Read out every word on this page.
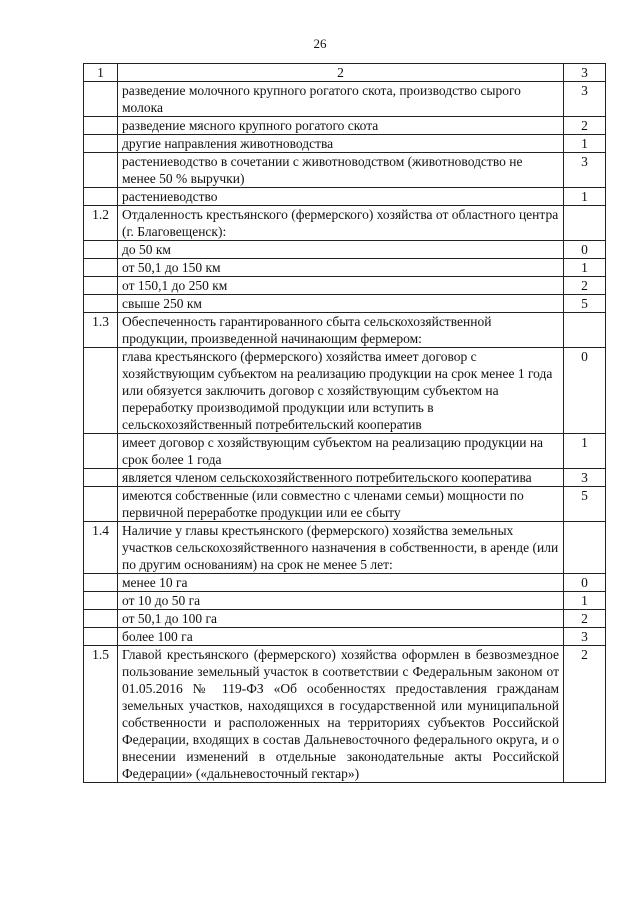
26
1	2	3
	разведение молочного крупного рогатого скота, производство сырого молока	3
	разведение мясного крупного рогатого скота	2
	другие направления животноводства	1
	растениеводство в сочетании с животноводством (животноводство не менее 50 % выручки)	3
	растениеводство	1
1.2	Отдаленность крестьянского (фермерского) хозяйства от областного центра (г. Благовещенск):	
	до 50 км	0
	от 50,1 до 150 км	1
	от 150,1 до 250 км	2
	свыше 250 км	5
1.3	Обеспеченность гарантированного сбыта сельскохозяйственной продукции, произведенной начинающим фермером:	
	глава крестьянского (фермерского) хозяйства имеет договор с хозяйствующим субъектом на реализацию продукции на срок менее 1 года или обязуется заключить договор с хозяйствующим субъектом на переработку производимой продукции или вступить в сельскохозяйственный потребительский кооператив	0
	имеет договор с хозяйствующим субъектом на реализацию продукции на срок более 1 года	1
	является членом сельскохозяйственного потребительского кооператива	3
	имеются собственные (или совместно с членами семьи) мощности по первичной переработке продукции или ее сбыту	5
1.4	Наличие у главы крестьянского (фермерского) хозяйства земельных участков сельскохозяйственного назначения в собственности, в аренде (или по другим основаниям) на срок не менее 5 лет:	
	менее 10 га	0
	от 10 до 50 га	1
	от 50,1 до 100 га	2
	более 100 га	3
1.5	Главой крестьянского (фермерского) хозяйства оформлен в безвозмездное пользование земельный участок в соответствии с Федеральным законом от 01.05.2016 № 119-ФЗ «Об особенностях предоставления гражданам земельных участков, находящихся в государственной или муниципальной собственности и расположенных на территориях субъектов Российской Федерации, входящих в состав Дальневосточного федерального округа, и о внесении изменений в отдельные законодательные акты Российской Федерации» («дальневосточный гектар»)	2
